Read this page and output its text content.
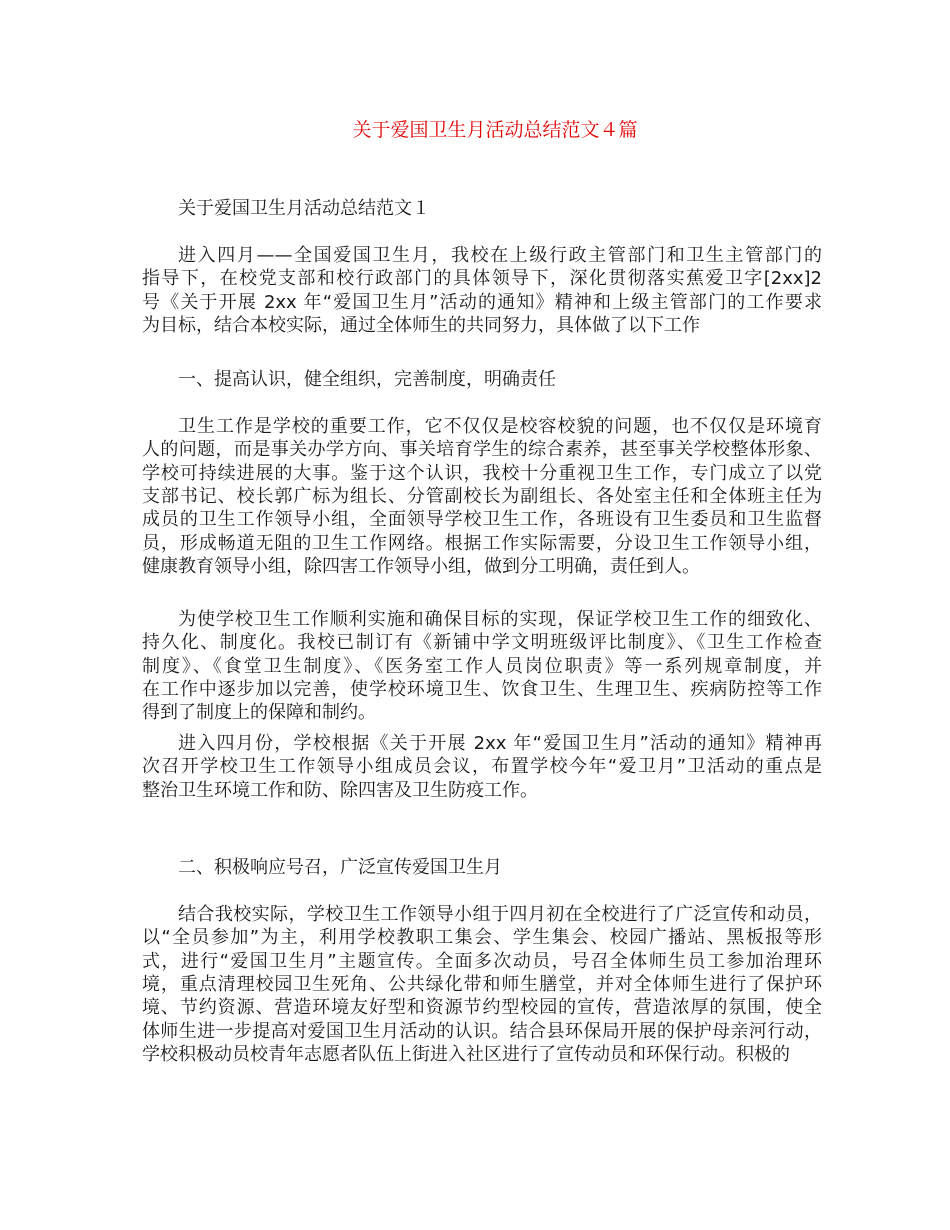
关于爱国卫生月活动总结范文４篇
关于爱国卫生月活动总结范文１
进入四月——全国爱国卫生月，我校在上级行政主管部门和卫生主管部门的
指导下，在校党支部和校行政部门的具体领导下，深化贯彻落实蕉爱卫字[2xx]2
号《关于开展 2xx 年“爱国卫生月”活动的通知》精神和上级主管部门的工作要求
为目标，结合本校实际，通过全体师生的共同努力，具体做了以下工作
一、提高认识，健全组织，完善制度，明确责任
卫生工作是学校的重要工作，它不仅仅是校容校貌的问题，也不仅仅是环境育
人的问题，而是事关办学方向、事关培育学生的综合素养，甚至事关学校整体形象、
学校可持续进展的大事。鉴于这个认识，我校十分重视卫生工作，专门成立了以党
支部书记、校长郭广标为组长、分管副校长为副组长、各处室主任和全体班主任为
成员的卫生工作领导小组，全面领导学校卫生工作，各班设有卫生委员和卫生监督
员，形成畅道无阻的卫生工作网络。根据工作实际需要，分设卫生工作领导小组，
健康教育领导小组，除四害工作领导小组，做到分工明确，责任到人。
为使学校卫生工作顺利实施和确保目标的实现，保证学校卫生工作的细致化、
持久化、制度化。我校已制订有《新铺中学文明班级评比制度》、《卫生工作检查
制度》、《食堂卫生制度》、《医务室工作人员岗位职责》等一系列规章制度，并
在工作中逐步加以完善，使学校环境卫生、饮食卫生、生理卫生、疾病防控等工作
得到了制度上的保障和制约。
进入四月份，学校根据《关于开展 2xx 年“爱国卫生月”活动的通知》精神再
次召开学校卫生工作领导小组成员会议，布置学校今年“爱卫月”卫活动的重点是
整治卫生环境工作和防、除四害及卫生防疫工作。
二、积极响应号召，广泛宣传爱国卫生月
结合我校实际，学校卫生工作领导小组于四月初在全校进行了广泛宣传和动员，
以“全员参加”为主，利用学校教职工集会、学生集会、校园广播站、黑板报等形
式，进行“爱国卫生月”主题宣传。全面多次动员，号召全体师生员工参加治理环
境，重点清理校园卫生死角、公共绿化带和师生膳堂，并对全体师生进行了保护环
境、节约资源、营造环境友好型和资源节约型校园的宣传，营造浓厚的氛围，使全
体师生进一步提高对爱国卫生月活动的认识。结合县环保局开展的保护母亲河行动，
学校积极动员校青年志愿者队伍上街进入社区进行了宣传动员和环保行动。积极的
